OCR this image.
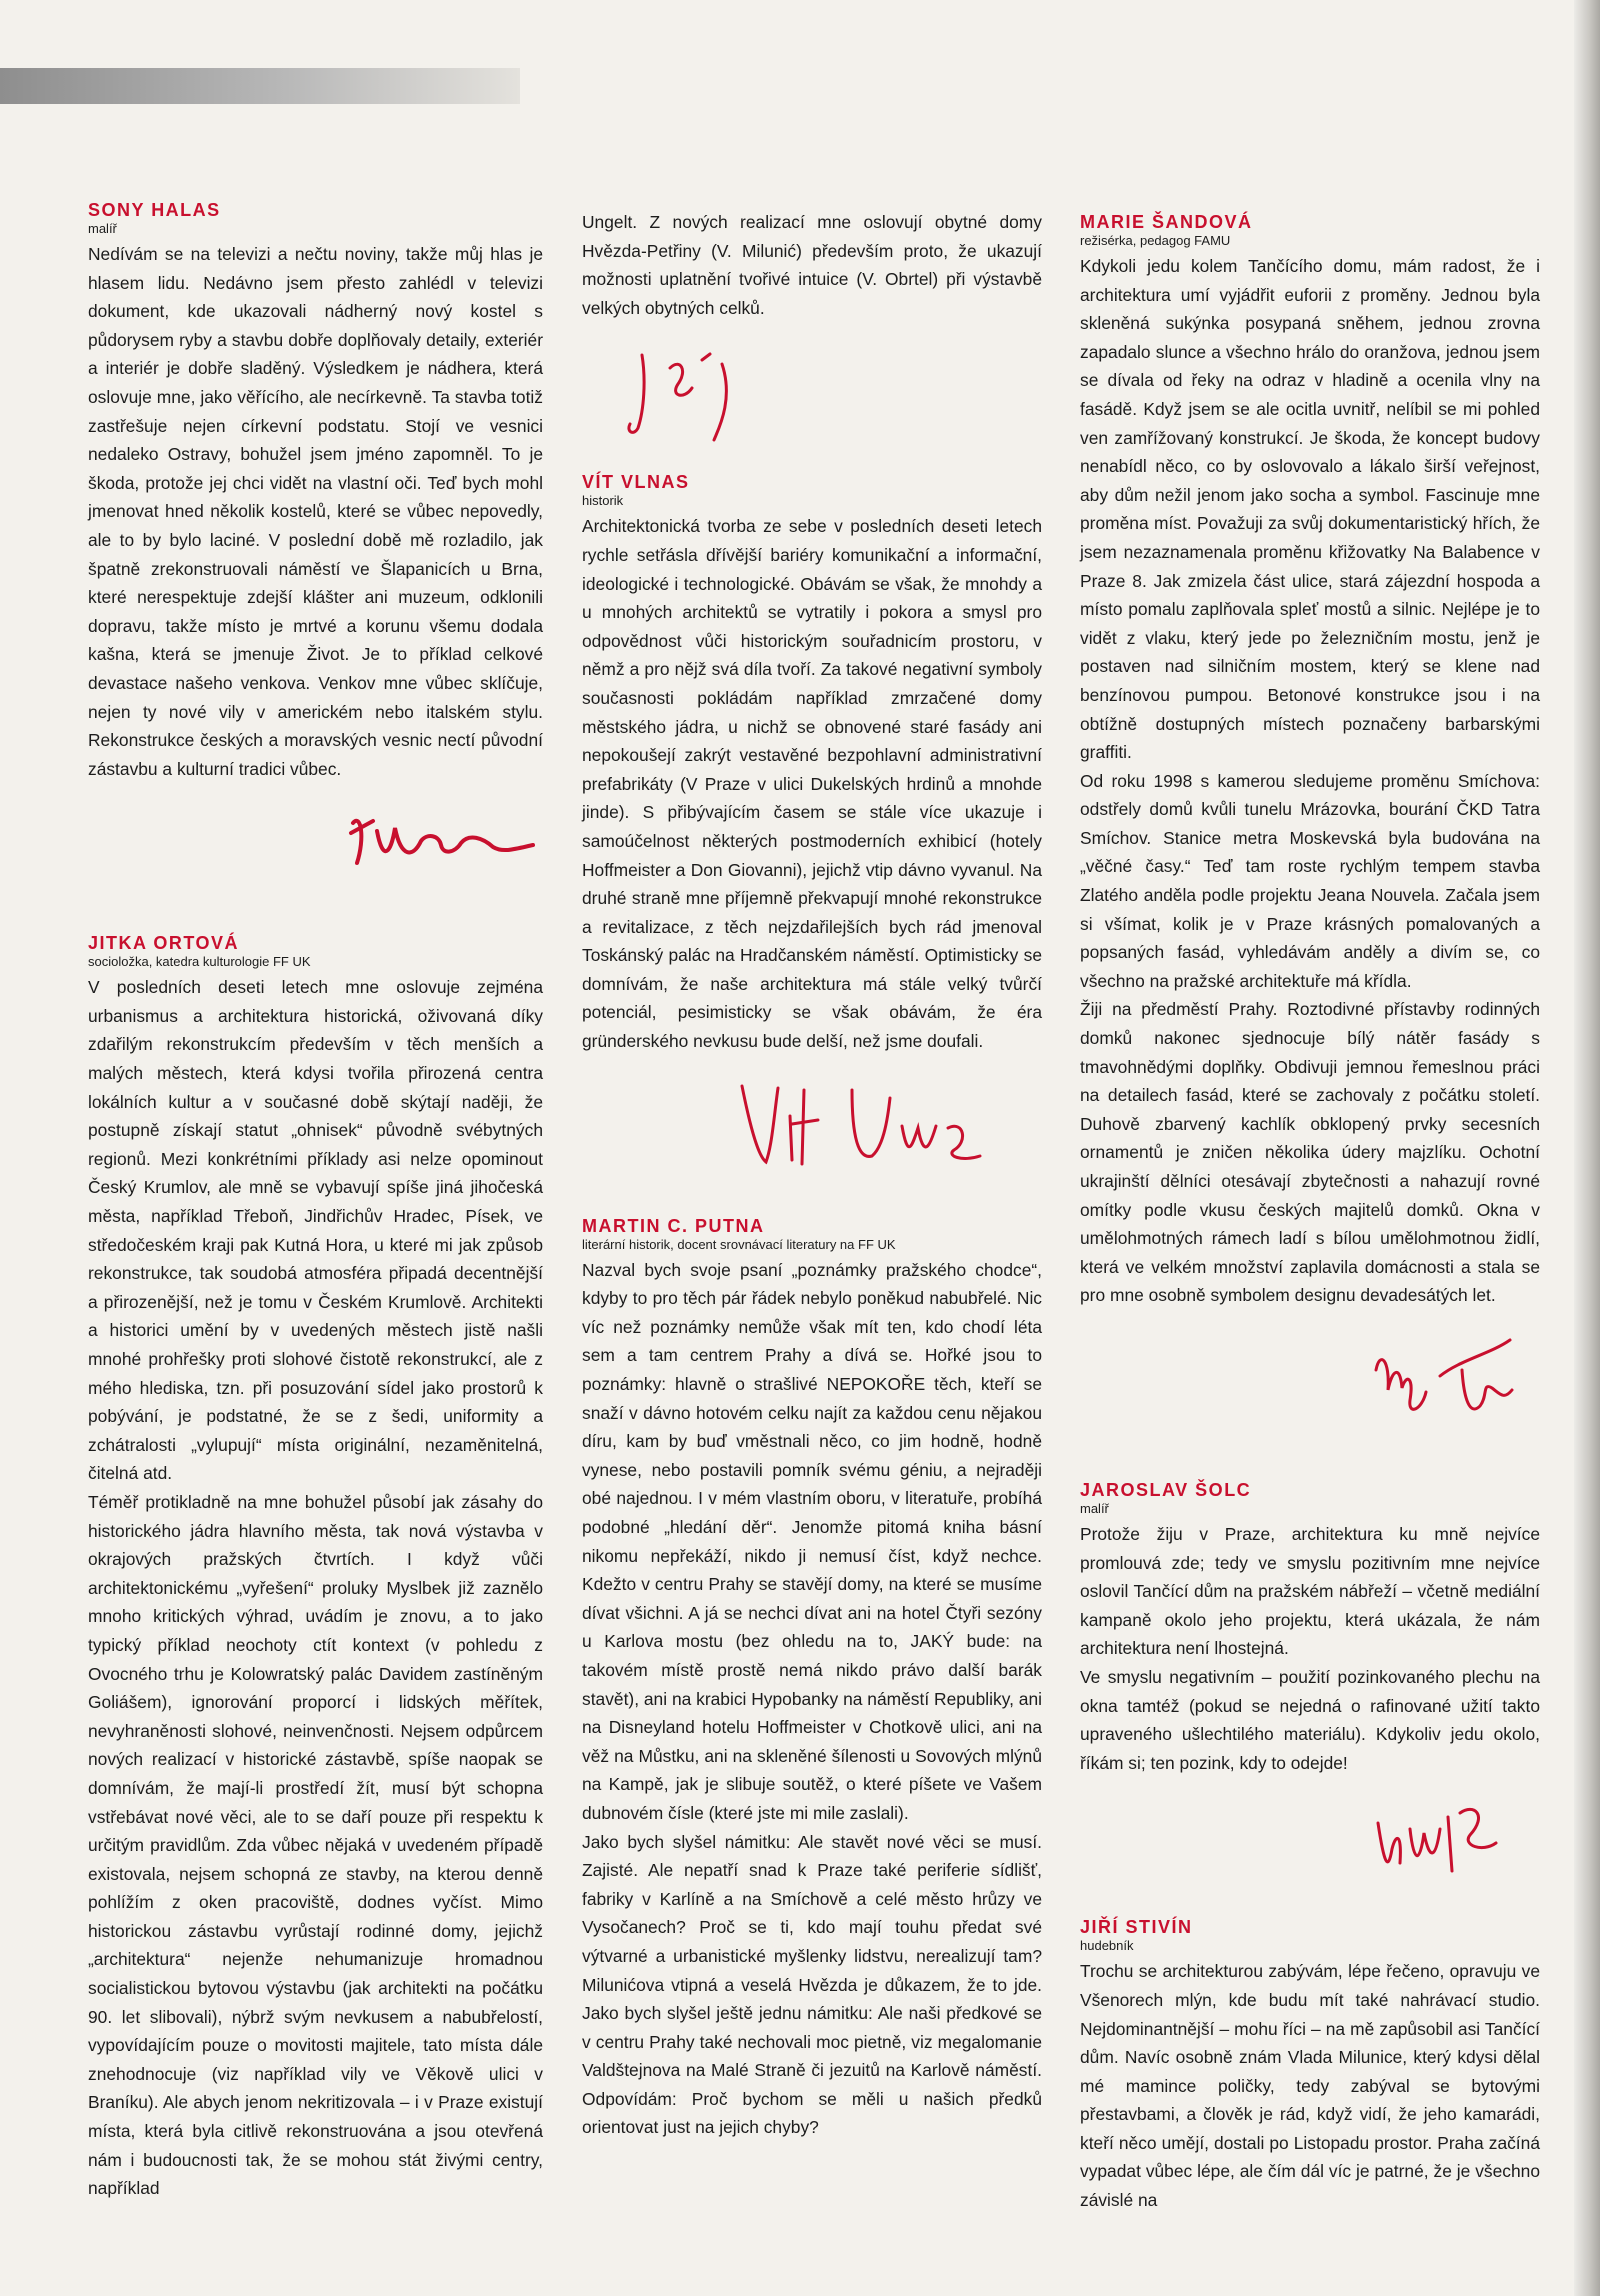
SONY HALAS
malíř

Nedívám se na televizi a nečtu noviny, takže můj hlas je hlasem lidu. Nedávno jsem přesto zahlédl v televizi dokument, kde ukazovali nádherný nový kostel s půdorysem ryby a stavbu dobře doplňovaly detaily, exteriér a interiér je dobře sladěný. Výsledkem je nádhera, která oslovuje mne, jako věřícího, ale necírkevně. Ta stavba totiž zastřešuje nejen církevní podstatu. Stojí ve vesnici nedaleko Ostravy, bohužel jsem jméno zapomněl. To je škoda, protože jej chci vidět na vlastní oči. Teď bych mohl jmenovat hned několik kostelů, které se vůbec nepovedly, ale to by bylo laciné. V poslední době mě rozladilo, jak špatně zrekonstruovali náměstí ve Šlapanicích u Brna, které nerespektuje zdejší klášter ani muzeum, odklonili dopravu, takže místo je mrtvé a korunu všemu dodala kašna, která se jmenuje Život. Je to příklad celkové devastace našeho venkova. Venkov mne vůbec sklíčuje, nejen ty nové vily v americkém nebo italském stylu. Rekonstrukce českých a moravských vesnic nectí původní zástavbu a kulturní tradici vůbec.

JITKA ORTOVÁ
socioložka, katedra kulturologie FF UK

V posledních deseti letech mne oslovuje zejména urbanismus a architektura historická, oživovaná díky zdařilým rekonstrukcím především v těch menších a malých městech, která kdysi tvořila přirozená centra lokálních kultur a v současné době skýtají naději, že postupně získají statut „ohnisek“ původně svébytných regionů. Mezi konkrétními příklady asi nelze opominout Český Krumlov, ale mně se vybavují spíše jiná jihočeská města, například Třeboň, Jindřichův Hradec, Písek, ve středočeském kraji pak Kutná Hora, u které mi jak způsob rekonstrukce, tak soudobá atmosféra připadá decentnější a přirozenější, než je tomu v Českém Krumlově. Architekti a historici umění by v uvedených městech jistě našli mnohé prohřešky proti slohové čistotě rekonstrukcí, ale z mého hlediska, tzn. při posuzování sídel jako prostorů k pobývání, je podstatné, že se z šedi, uniformity a zchátralosti „vylupují“ místa originální, nezaměnitelná, čitelná atd.

Téměř protikladně na mne bohužel působí jak zásahy do historického jádra hlavního města, tak nová výstavba v okrajových pražských čtvrtích. I když vůči architektonickému „vyřešení“ proluky Myslbek již zaznělo mnoho kritických výhrad, uvádím je znovu, a to jako typický příklad neochoty ctít kontext (v pohledu z Ovocného trhu je Kolowratský palác Davidem zastíněným Goliášem), ignorování proporcí i lidských měřítek, nevyhraněnosti slohové, neinvenčnosti. Nejsem odpůrcem nových realizací v historické zástavbě, spíše naopak se domnívám, že mají-li prostředí žít, musí být schopna vstřebávat nové věci, ale to se daří pouze při respektu k určitým pravidlům. Zda vůbec nějaká v uvedeném případě existovala, nejsem schopná ze stavby, na kterou denně pohlížím z oken pracoviště, dodnes vyčíst. Mimo historickou zástavbu vyrůstají rodinné domy, jejichž „architektura“ nejenže nehumanizuje hromadnou socialistickou bytovou výstavbu (jak architekti na počátku 90. let slibovali), nýbrž svým nevkusem a nabubřelostí, vypovídajícím pouze o movitosti majitele, tato místa dále znehodnocuje (viz například vily ve Věkově ulici v Braníku). Ale abych jenom nekritizovala – i v Praze existují místa, která byla citlivě rekonstruována a jsou otevřená nám i budoucnosti tak, že se mohou stát živými centry, například

Ungelt. Z nových realizací mne oslovují obytné domy Hvězda-Petřiny (V. Milunić) především proto, že ukazují možnosti uplatnění tvořivé intuice (V. Obrtel) při výstavbě velkých obytných celků.

VÍT VLNAS
historik

Architektonická tvorba ze sebe v posledních deseti letech rychle setřásla dřívější bariéry komunikační a informační, ideologické i technologické. Obávám se však, že mnohdy a u mnohých architektů se vytratily i pokora a smysl pro odpovědnost vůči historickým souřadnicím prostoru, v němž a pro nějž svá díla tvoří. Za takové negativní symboly současnosti pokládám například zmrzačené domy městského jádra, u nichž se obnovené staré fasády ani nepokoušejí zakrýt vestavěné bezpohlavní administrativní prefabrikáty (V Praze v ulici Dukelských hrdinů a mnohde jinde). S přibývajícím časem se stále více ukazuje i samoúčelnost některých postmoderních exhibicí (hotely Hoffmeister a Don Giovanni), jejichž vtip dávno vyvanul. Na druhé straně mne příjemně překvapují mnohé rekonstrukce a revitalizace, z těch nejzdařilejších bych rád jmenoval Toskánský palác na Hradčanském náměstí. Optimisticky se domnívám, že naše architektura má stále velký tvůrčí potenciál, pesimisticky se však obávám, že éra gründerského nevkusu bude delší, než jsme doufali.

MARTIN C. PUTNA
literární historik, docent srovnávací literatury na FF UK

Nazval bych svoje psaní „poznámky pražského chodce“, kdyby to pro těch pár řádek nebylo poněkud nabubřelé. Nic víc než poznámky nemůže však mít ten, kdo chodí léta sem a tam centrem Prahy a dívá se. Hořké jsou to poznámky: hlavně o strašlivé NEPOKOŘE těch, kteří se snaží v dávno hotovém celku najít za každou cenu nějakou díru, kam by buď vměstnali něco, co jim hodně, hodně vynese, nebo postavili pomník svému géniu, a nejraději obé najednou. I v mém vlastním oboru, v literatuře, probíhá podobné „hledání děr“. Jenomže pitomá kniha básní nikomu nepřekáží, nikdo ji nemusí číst, když nechce. Kdežto v centru Prahy se stavějí domy, na které se musíme dívat všichni. A já se nechci dívat ani na hotel Čtyři sezóny u Karlova mostu (bez ohledu na to, JAKÝ bude: na takovém místě prostě nemá nikdo právo další barák stavět), ani na krabici Hypobanky na náměstí Republiky, ani na Disneyland hotelu Hoffmeister v Chotkově ulici, ani na věž na Můstku, ani na skleněné šílenosti u Sovových mlýnů na Kampě, jak je slibuje soutěž, o které píšete ve Vašem dubnovém čísle (které jste mi mile zaslali).

Jako bych slyšel námitku: Ale stavět nové věci se musí. Zajisté. Ale nepatří snad k Praze také periferie sídlišť, fabriky v Karlíně a na Smíchově a celé město hrůzy ve Vysočanech? Proč se ti, kdo mají touhu předat své výtvarné a urbanistické myšlenky lidstvu, nerealizují tam? Milunićova vtipná a veselá Hvězda je důkazem, že to jde. Jako bych slyšel ještě jednu námitku: Ale naši předkové se v centru Prahy také nechovali moc pietně, viz megalomanie Valdštejnova na Malé Straně či jezuitů na Karlově náměstí. Odpovídám: Proč bychom se měli u našich předků orientovat just na jejich chyby?

MARIE ŠANDOVÁ
režisérka, pedagog FAMU

Kdykoli jedu kolem Tančícího domu, mám radost, že i architektura umí vyjádřit euforii z proměny. Jednou byla skleněná sukýnka posypaná sněhem, jednou zrovna zapadalo slunce a všechno hrálo do oranžova, jednou jsem se dívala od řeky na odraz v hladině a ocenila vlny na fasádě. Když jsem se ale ocitla uvnitř, nelíbil se mi pohled ven zamřížovaný konstrukcí. Je škoda, že koncept budovy nenabídl něco, co by oslovovalo a lákalo širší veřejnost, aby dům nežil jenom jako socha a symbol. Fascinuje mne proměna míst. Považuji za svůj dokumentaristický hřích, že jsem nezaznamenala proměnu křižovatky Na Balabence v Praze 8. Jak zmizela část ulice, stará zájezdní hospoda a místo pomalu zaplňovala spleť mostů a silnic. Nejlépe je to vidět z vlaku, který jede po železničním mostu, jenž je postaven nad silničním mostem, který se klene nad benzínovou pumpou. Betonové konstrukce jsou i na obtížně dostupných místech poznačeny barbarskými graffiti.

Od roku 1998 s kamerou sledujeme proměnu Smíchova: odstřely domů kvůli tunelu Mrázovka, bourání ČKD Tatra Smíchov. Stanice metra Moskevská byla budována na „věčné časy.“ Teď tam roste rychlým tempem stavba Zlatého anděla podle projektu Jeana Nouvela. Začala jsem si všímat, kolik je v Praze krásných pomalovaných a popsaných fasád, vyhledávám anděly a divím se, co všechno na pražské architektuře má křídla.

Žiji na předměstí Prahy. Roztodivné přístavby rodinných domků nakonec sjednocuje bílý nátěr fasády s tmavohnědými doplňky. Obdivuji jemnou řemeslnou práci na detailech fasád, které se zachovaly z počátku století. Duhově zbarvený kachlík obklopený prvky secesních ornamentů je zničen několika údery majzlíku. Ochotní ukrajinští dělníci otesávají zbytečnosti a nahazují rovné omítky podle vkusu českých majitelů domků. Okna v umělohmotných rámech ladí s bílou umělohmotnou židlí, která ve velkém množství zaplavila domácnosti a stala se pro mne osobně symbolem designu devadesátých let.

JAROSLAV ŠOLC
malíř

Protože žiju v Praze, architektura ku mně nejvíce promlouvá zde; tedy ve smyslu pozitivním mne nejvíce oslovil Tančící dům na pražském nábřeží – včetně mediální kampaně okolo jeho projektu, která ukázala, že nám architektura není lhostejná.

Ve smyslu negativním – použití pozinkovaného plechu na okna tamtéž (pokud se nejedná o rafinované užití takto upraveného ušlechtilého materiálu). Kdykoliv jedu okolo, říkám si; ten pozink, kdy to odejde!

JIŘÍ STIVÍN
hudebník

Trochu se architekturou zabývám, lépe řečeno, opravuju ve Všenorech mlýn, kde budu mít také nahrávací studio. Nejdominantnější – mohu říci – na mě zapůsobil asi Tančící dům. Navíc osobně znám Vlada Milunice, který kdysi dělal mé mamince poličky, tedy zabýval se bytovými přestavbami, a člověk je rád, když vidí, že jeho kamarádi, kteří něco umějí, dostali po Listopadu prostor. Praha začíná vypadat vůbec lépe, ale čím dál víc je patrné, že je všechno závislé na
